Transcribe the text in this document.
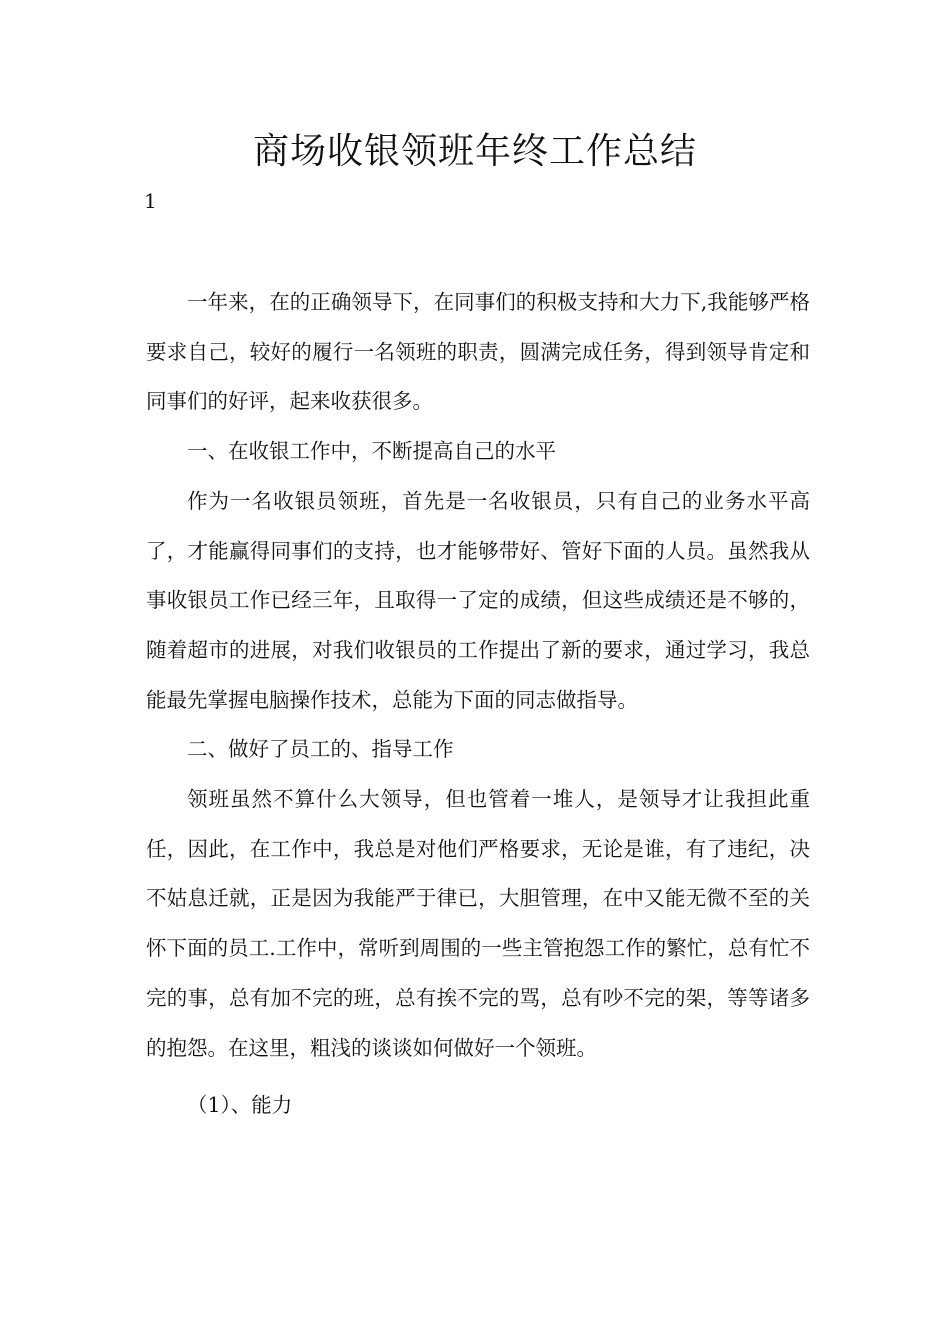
商场收银领班年终工作总结
1

一年来，在的正确领导下，在同事们的积极支持和大力下,我能够严格要求自己，较好的履行一名领班的职责，圆满完成任务，得到领导肯定和同事们的好评，起来收获很多。

一、在收银工作中，不断提高自己的水平

作为一名收银员领班，首先是一名收银员，只有自己的业务水平高了，才能赢得同事们的支持，也才能够带好、管好下面的人员。虽然我从事收银员工作已经三年，且取得一了定的成绩，但这些成绩还是不够的，随着超市的进展，对我们收银员的工作提出了新的要求，通过学习，我总能最先掌握电脑操作技术，总能为下面的同志做指导。

二、做好了员工的、指导工作

领班虽然不算什么大领导，但也管着一堆人，是领导才让我担此重任，因此，在工作中，我总是对他们严格要求，无论是谁，有了违纪，决不姑息迁就，正是因为我能严于律已，大胆管理，在中又能无微不至的关怀下面的员工.工作中，常听到周围的一些主管抱怨工作的繁忙，总有忙不完的事，总有加不完的班，总有挨不完的骂，总有吵不完的架，等等诸多的抱怨。在这里，粗浅的谈谈如何做好一个领班。

（1）、能力
